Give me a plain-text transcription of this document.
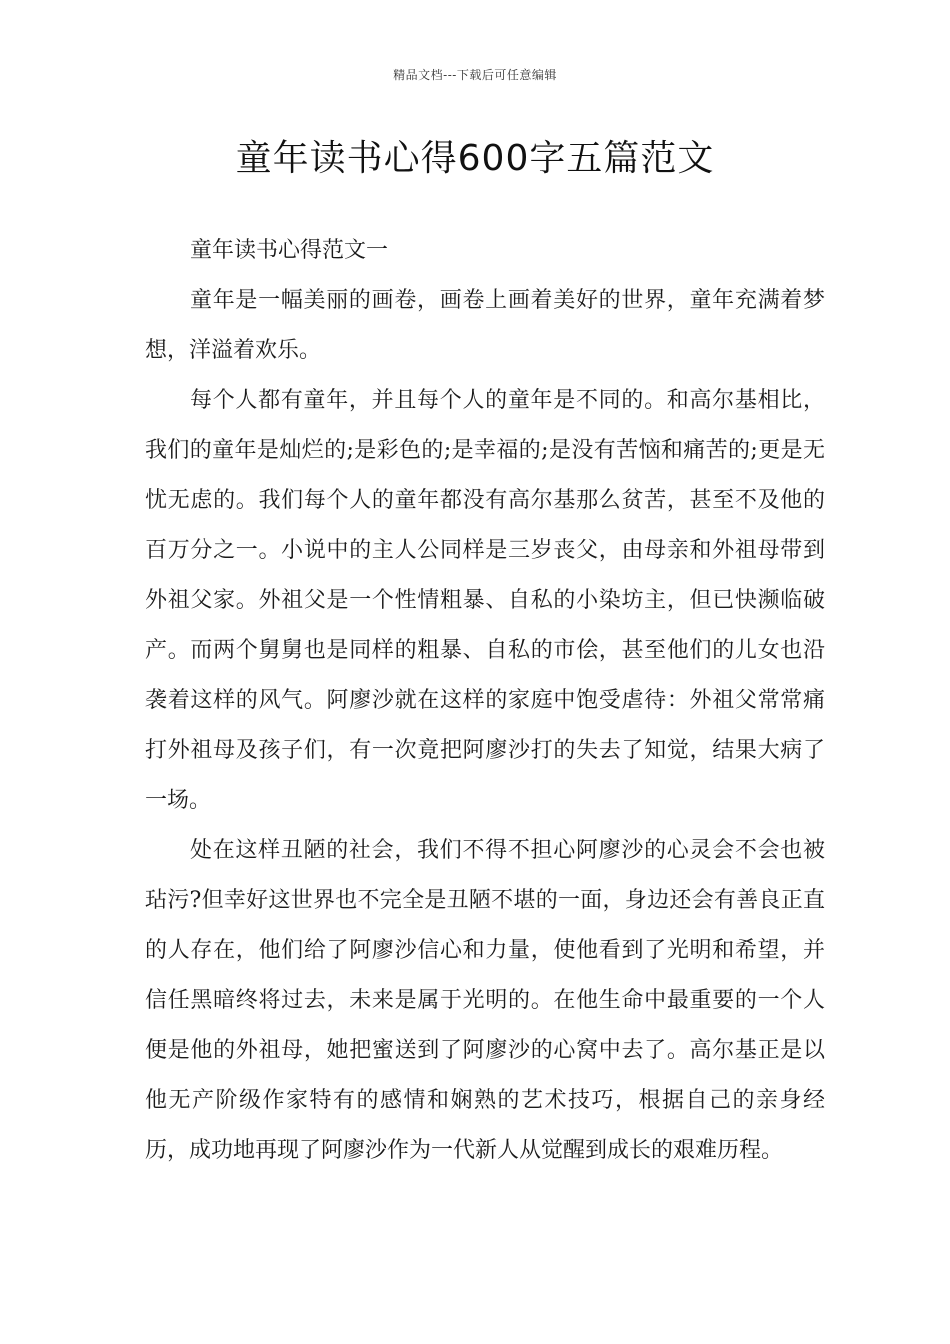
精品文档---下载后可任意编辑
童年读书心得600字五篇范文

童年读书心得范文一

童年是一幅美丽的画卷，画卷上画着美好的世界，童年充满着梦想，洋溢着欢乐。

每个人都有童年，并且每个人的童年是不同的。和高尔基相比，我们的童年是灿烂的;是彩色的;是幸福的;是没有苦恼和痛苦的;更是无忧无虑的。我们每个人的童年都没有高尔基那么贫苦，甚至不及他的百万分之一。小说中的主人公同样是三岁丧父，由母亲和外祖母带到外祖父家。外祖父是一个性情粗暴、自私的小染坊主，但已快濒临破产。而两个舅舅也是同样的粗暴、自私的市侩，甚至他们的儿女也沿袭着这样的风气。阿廖沙就在这样的家庭中饱受虐待：外祖父常常痛打外祖母及孩子们，有一次竟把阿廖沙打的失去了知觉，结果大病了一场。

处在这样丑陋的社会，我们不得不担心阿廖沙的心灵会不会也被玷污?但幸好这世界也不完全是丑陋不堪的一面，身边还会有善良正直的人存在，他们给了阿廖沙信心和力量，使他看到了光明和希望，并信任黑暗终将过去，未来是属于光明的。在他生命中最重要的一个人便是他的外祖母，她把蜜送到了阿廖沙的心窝中去了。高尔基正是以他无产阶级作家特有的感情和娴熟的艺术技巧，根据自己的亲身经历，成功地再现了阿廖沙作为一代新人从觉醒到成长的艰难历程。
